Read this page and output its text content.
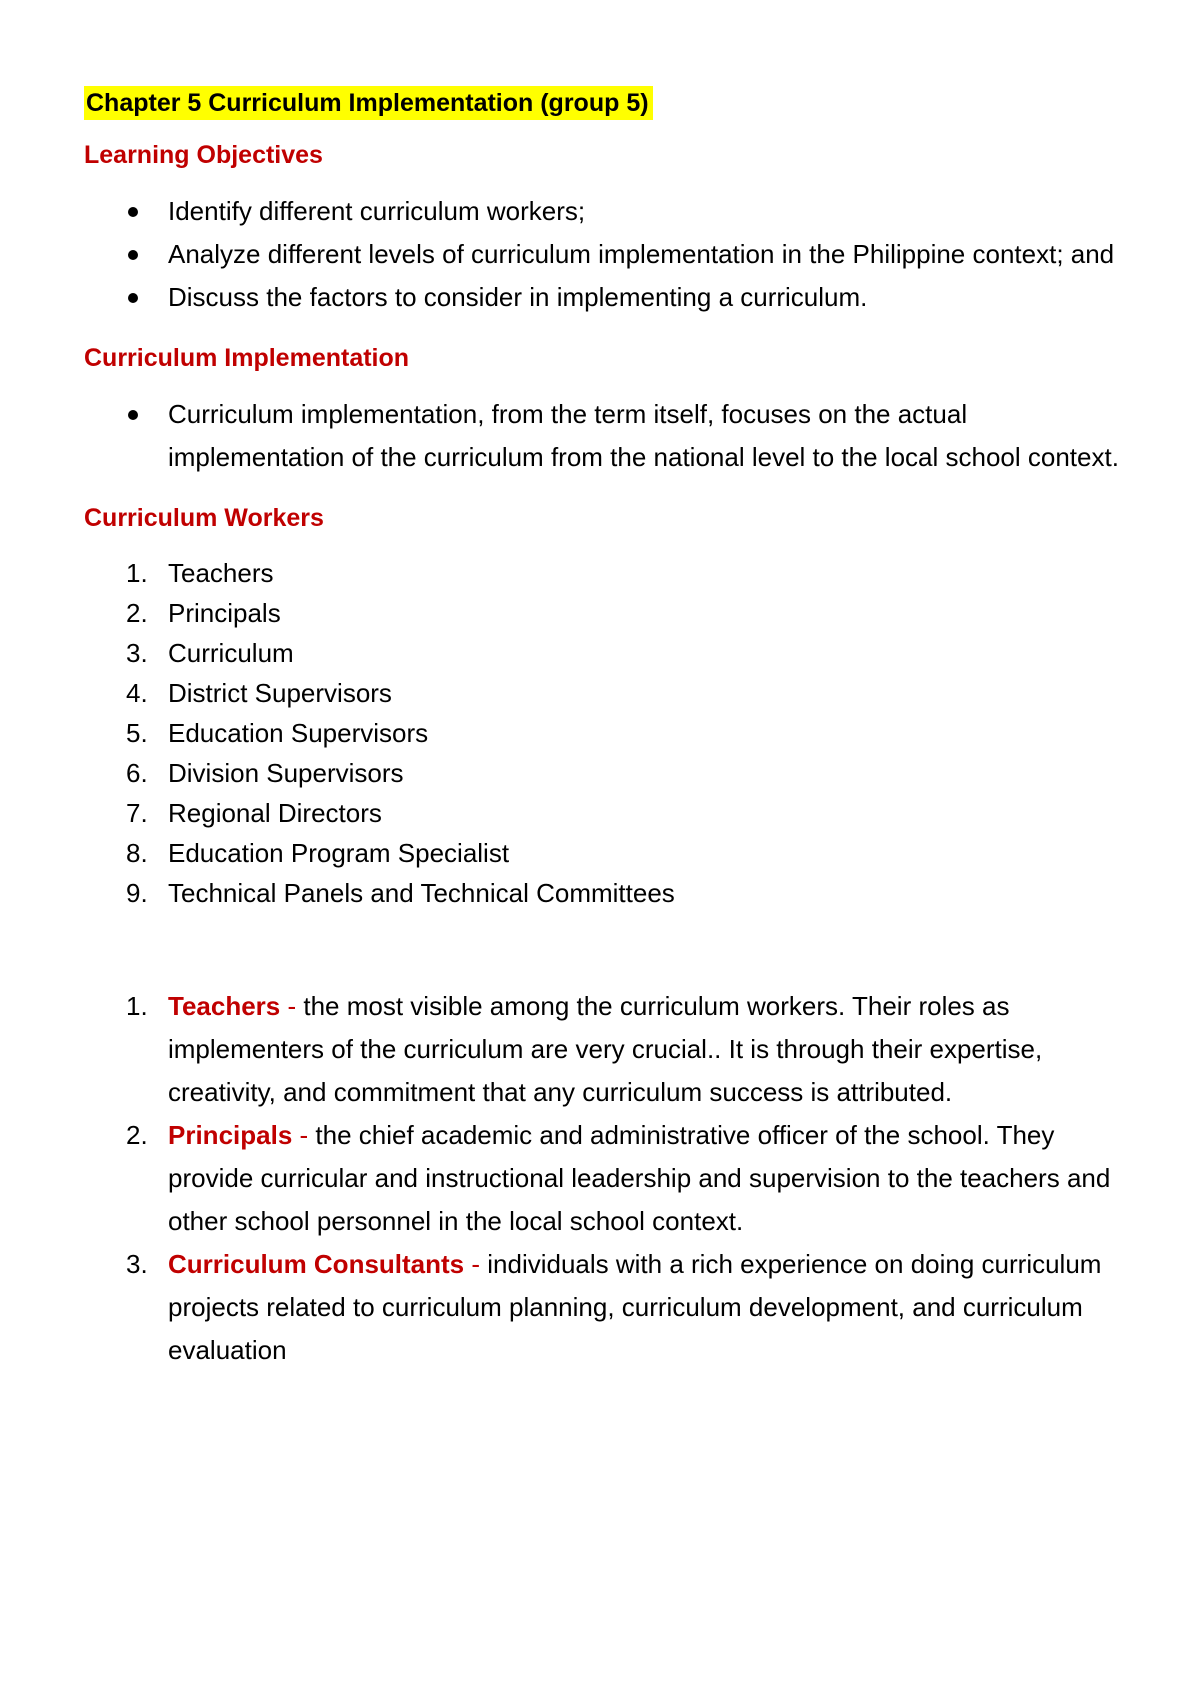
Chapter 5 Curriculum Implementation (group 5)
Learning Objectives
Identify different curriculum workers;
Analyze different levels of curriculum implementation in the Philippine context; and
Discuss the factors to consider in implementing a curriculum.
Curriculum Implementation
Curriculum implementation, from the term itself, focuses on the actual implementation of the curriculum from the national level to the local school context.
Curriculum Workers
1. Teachers
2. Principals
3. Curriculum
4. District Supervisors
5. Education Supervisors
6. Division Supervisors
7. Regional Directors
8. Education Program Specialist
9. Technical Panels and Technical Committees
1. Teachers - the most visible among the curriculum workers. Their roles as implementers of the curriculum are very crucial.. It is through their expertise, creativity, and commitment that any curriculum success is attributed.
2. Principals - the chief academic and administrative officer of the school. They provide curricular and instructional leadership and supervision to the teachers and other school personnel in the local school context.
3. Curriculum Consultants - individuals with a rich experience on doing curriculum projects related to curriculum planning, curriculum development, and curriculum evaluation
